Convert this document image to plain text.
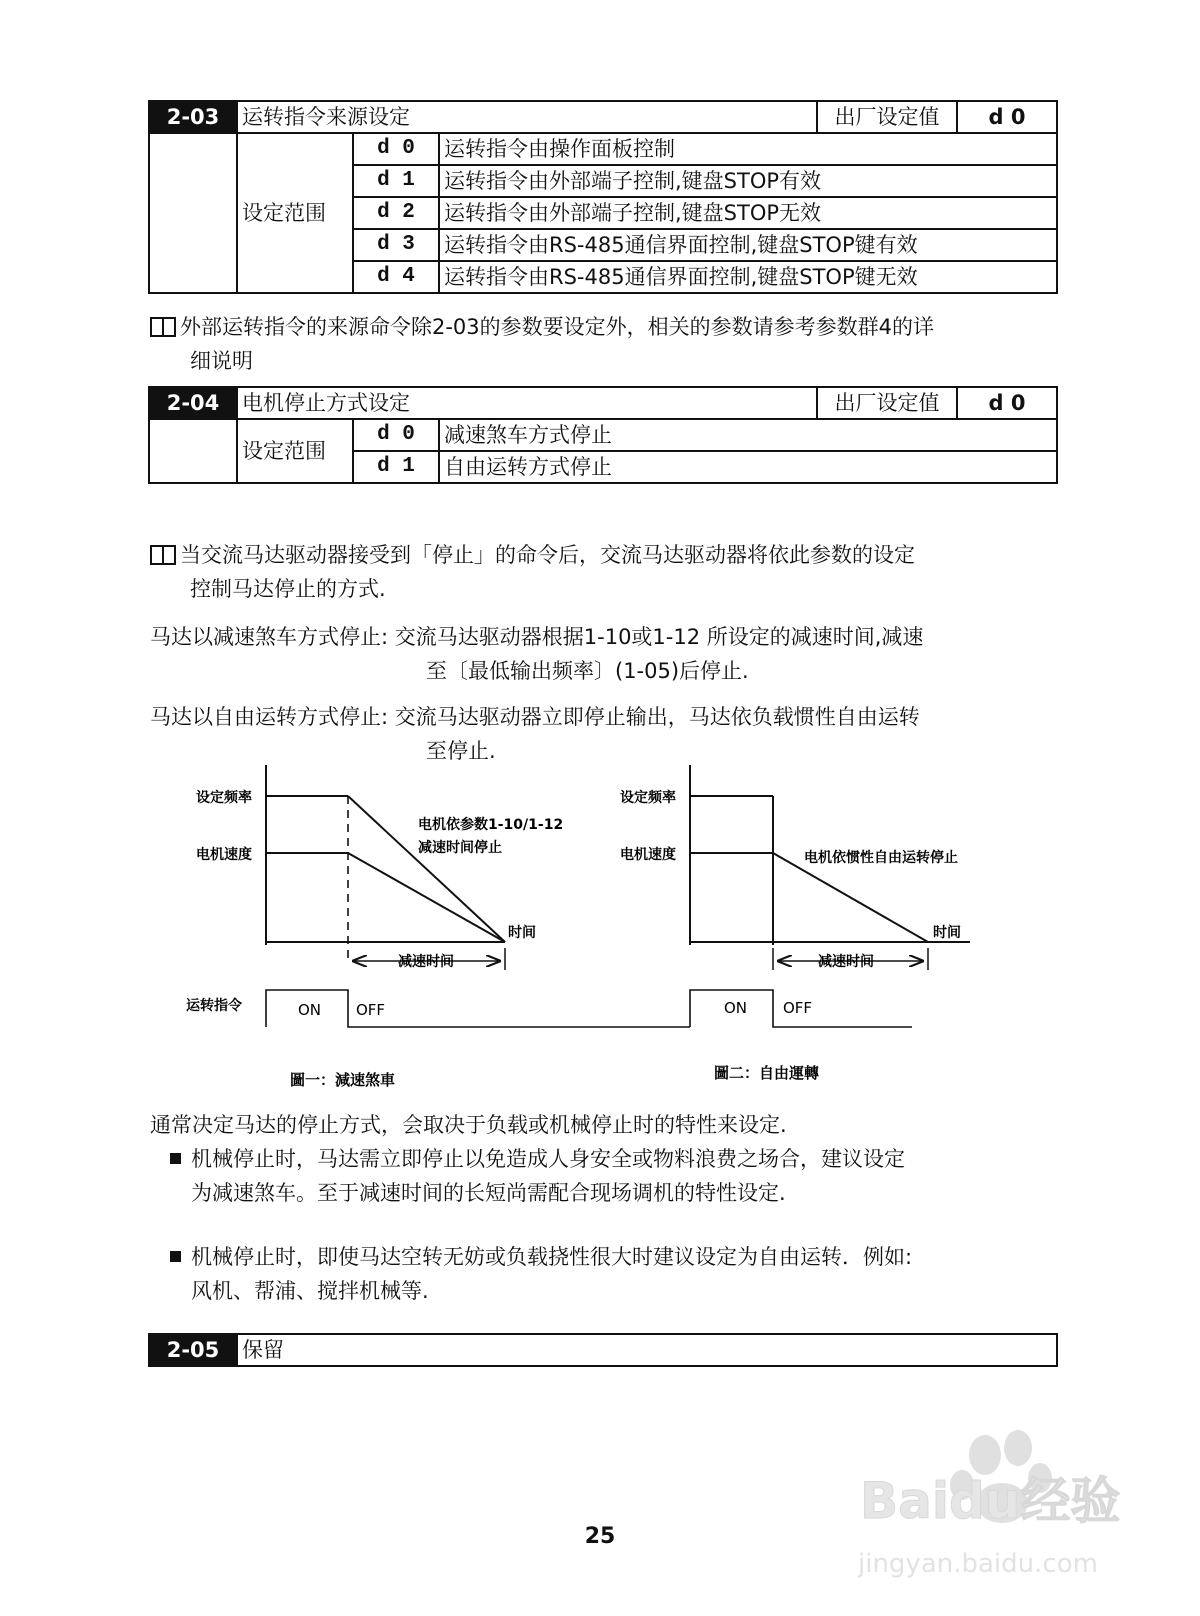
2-03	运转指令来源设定			出厂设定值	d 0
	设定范围	d 0	运转指令由操作面板控制		
		d 1	运转指令由外部端子控制,键盘STOP有效		
		d 2	运转指令由外部端子控制,键盘STOP无效		
		d 3	运转指令由RS-485通信界面控制,键盘STOP键有效		
		d 4	运转指令由RS-485通信界面控制,键盘STOP键无效		
外部运转指令的来源命令除2-03的参数要设定外，相关的参数请参考参数群4的详
细说明
2-04	电机停止方式设定			出厂设定值	d 0
	设定范围	d 0	减速煞车方式停止		
		d 1	自由运转方式停止		
当交流马达驱动器接受到「停止」的命令后，交流马达驱动器将依此参数的设定
控制马达停止的方式.
马达以减速煞车方式停止: 交流马达驱动器根据1-10或1-12 所设定的减速时间,减速
至〔最低输出频率〕(1-05)后停止.
马达以自由运转方式停止: 交流马达驱动器立即停止输出，马达依负载惯性自由运转
至停止.
设定频率
电机速度
电机依参数1-10/1-12
减速时间停止
时间
减速时间
运转指令	ON OFF
圖一：減速煞車
设定频率
电机速度	电机依惯性自由运转停止
时间
减速时间
ON OFF
圖二：自由運轉
Baidu经验
jingyan.baidu.com
通常决定马达的停止方式，会取决于负载或机械停止时的特性来设定.
机械停止时，马达需立即停止以免造成人身安全或物料浪费之场合，建议设定
为减速煞车。至于减速时间的长短尚需配合现场调机的特性设定.
机械停止时，即使马达空转无妨或负载挠性很大时建议设定为自由运转．例如:
风机、帮浦、搅拌机械等.
2-05	保留
25
